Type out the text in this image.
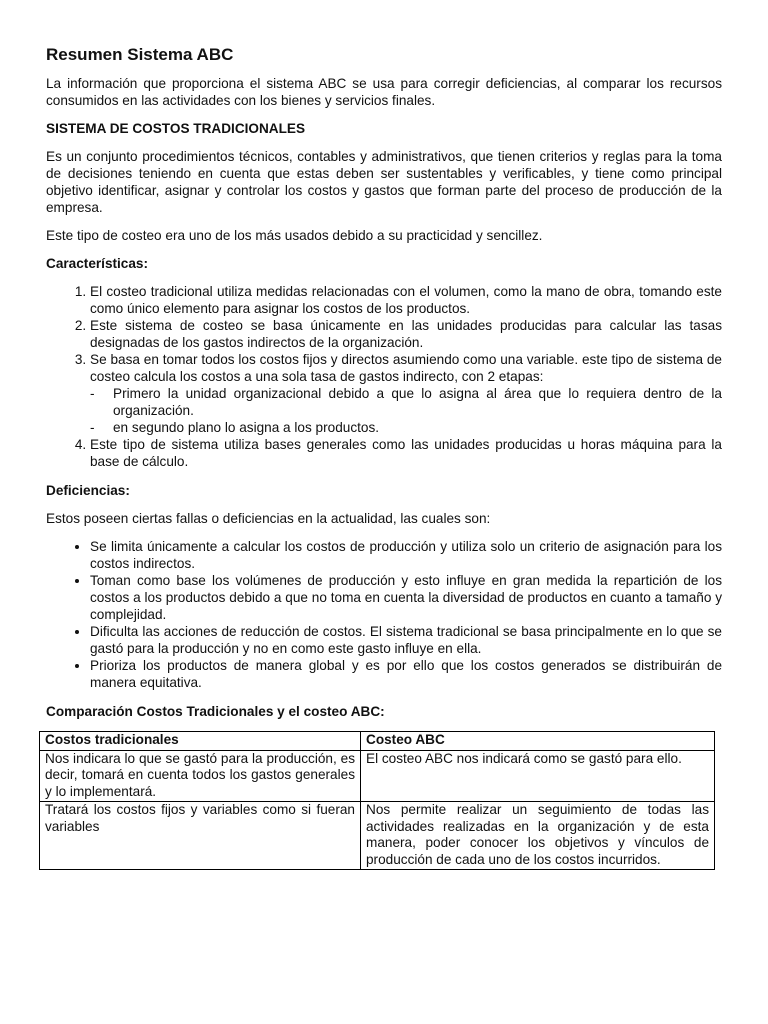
Resumen Sistema ABC

La información que proporciona el sistema ABC se usa para corregir deficiencias, al comparar los recursos consumidos en las actividades con los bienes y servicios finales.

SISTEMA DE COSTOS TRADICIONALES

Es un conjunto procedimientos técnicos, contables y administrativos, que tienen criterios y reglas para la toma de decisiones teniendo en cuenta que estas deben ser sustentables y verificables, y tiene como principal objetivo identificar, asignar y controlar los costos y gastos que forman parte del proceso de producción de la empresa.

Este tipo de costeo era uno de los más usados debido a su practicidad y sencillez.

Características:
1. El costeo tradicional utiliza medidas relacionadas con el volumen, como la mano de obra, tomando este como único elemento para asignar los costos de los productos.
2. Este sistema de costeo se basa únicamente en las unidades producidas para calcular las tasas designadas de los gastos indirectos de la organización.
3. Se basa en tomar todos los costos fijos y directos asumiendo como una variable. este tipo de sistema de costeo calcula los costos a una sola tasa de gastos indirecto, con 2 etapas:
- Primero la unidad organizacional debido a que lo asigna al área que lo requiera dentro de la organización.
- en segundo plano lo asigna a los productos.
4. Este tipo de sistema utiliza bases generales como las unidades producidas u horas máquina para la base de cálculo.
Deficiencias:

Estos poseen ciertas fallas o deficiencias en la actualidad, las cuales son:

• Se limita únicamente a calcular los costos de producción y utiliza solo un criterio de asignación para los costos indirectos.
• Toman como base los volúmenes de producción y esto influye en gran medida la repartición de los costos a los productos debido a que no toma en cuenta la diversidad de productos en cuanto a tamaño y complejidad.
• Dificulta las acciones de reducción de costos. El sistema tradicional se basa principalmente en lo que se gastó para la producción y no en como este gasto influye en ella.
• Prioriza los productos de manera global y es por ello que los costos generados se distribuirán de manera equitativa.
Comparación Costos Tradicionales y el costeo ABC:
Costos tradicionales	Costeo ABC
Nos indicara lo que se gastó para la producción, es decir, tomará en cuenta todos los gastos generales y lo implementará.	El costeo ABC nos indicará como se gastó para ello.
Tratará los costos fijos y variables como si fueran variables	Nos permite realizar un seguimiento de todas las actividades realizadas en la organización y de esta manera, poder conocer los objetivos y vínculos de producción de cada uno de los costos incurridos.
